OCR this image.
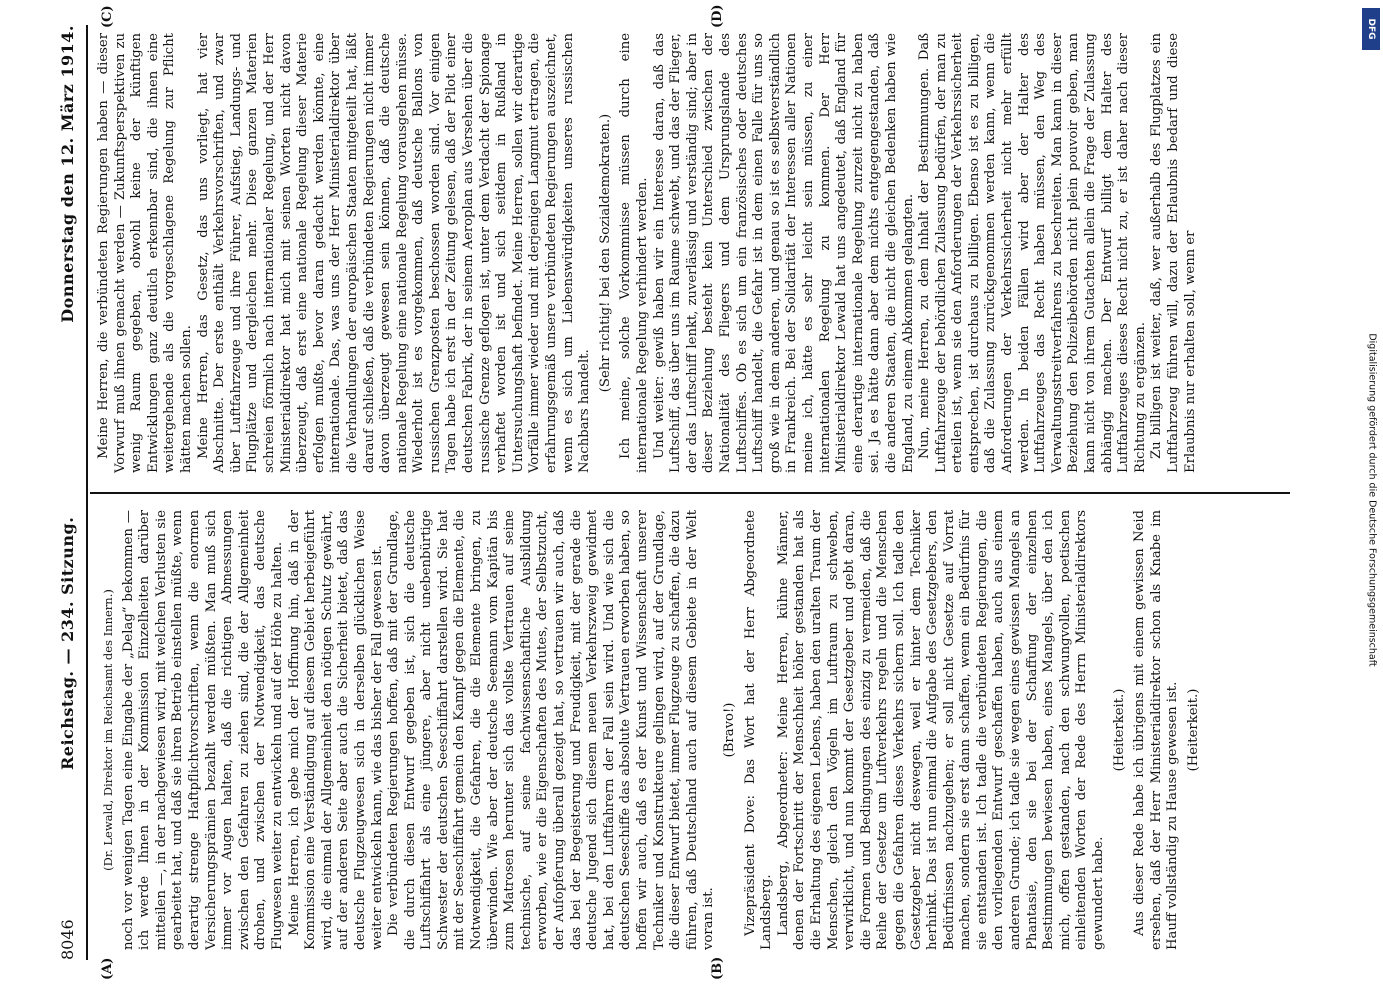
8046
Reichstag. — 234. Sitzung.
Donnerstag den 12. März 1914.
(A)	(B)
(C)	(D)

(Dr. Lewald, Direktor im Reichsamt des Innern.) noch vor wenigen Tagen eine Eingabe der „Delag“ bekommen — ich werde Ihnen in der Kommission Einzelheiten darüber mitteilen —, in der nachgewiesen wird, mit welchen Verlusten sie gearbeitet hat, und daß sie ihren Betrieb einstellen müßte, wenn derartig strenge Haftpflichtvorschriften, wenn die enormen Versicherungsprämien bezahlt werden müßten. Man muß sich immer vor Augen halten, daß die richtigen Abmessungen zwischen den Gefahren zu ziehen sind, die der Allgemeinheit drohen, und zwischen der Notwendigkeit, das deutsche Flugwesen weiter zu entwickeln und auf der Höhe zu halten. Meine Herren, ich gebe mich der Hoffnung hin, daß in der Kommission eine Verständigung auf diesem Gebiet herbeigeführt wird, die einmal der Allgemeinheit den nötigen Schutz gewährt, auf der anderen Seite aber auch die Sicherheit bietet, daß das deutsche Flugzeugwesen sich in derselben glücklichen Weise weiter entwickeln kann, wie das bisher der Fall gewesen ist. Die verbündeten Regierungen hoffen, daß mit der Grundlage, die durch diesen Entwurf gegeben ist, sich die deutsche Luftschiffahrt als eine jüngere, aber nicht unebenbürtige Schwester der deutschen Seeschiffahrt darstellen wird. Sie hat mit der Seeschiffahrt gemein den Kampf gegen die Elemente, die Notwendigkeit, die Gefahren, die die Elemente bringen, zu überwinden. Wie aber der deutsche Seemann vom Kapitän bis zum Matrosen herunter sich das vollste Vertrauen auf seine technische, auf seine fachwissenschaftliche Ausbildung erworben, wie er die Eigenschaften des Mutes, der Selbstzucht, der Aufopferung überall gezeigt hat, so vertrauen wir auch, daß das bei der Begeisterung und Freudigkeit, mit der gerade die deutsche Jugend sich diesem neuen Verkehrszweig gewidmet hat, bei den Luftfahrern der Fall sein wird. Und wie sich die deutschen Seeschiffe das absolute Vertrauen erworben haben, so hoffen wir auch, daß es der Kunst und Wissenschaft unserer Techniker und Konstrukteure gelingen wird, auf der Grundlage, die dieser Entwurf bietet, immer Flugzeuge zu schaffen, die dazu führen, daß Deutschland auch auf diesem Gebiete in der Welt voran ist.

(Bravo!) Vizepräsident Dove: Das Wort hat der Herr Abgeordnete Landsberg. Landsberg, Abgeordneter: Meine Herren, kühne Männer, denen der Fortschritt der Menschheit höher gestanden hat als die Erhaltung des eigenen Lebens, haben den uralten Traum der Menschen, gleich den Vögeln im Luftraum zu schweben, verwirklicht, und nun kommt der Gesetzgeber und gebt daran, die Formen und Bedingungen des einzig zu vermeiden, daß die Reihe der Gesetze um Luftverkehrs regeln und die Menschen gegen die Gefahren dieses Verkehrs sichern soll. Ich tadle den Gesetzgeber nicht deswegen, weil er hinter dem Techniker herhinkt. Das ist nun einmal die Aufgabe des Gesetzgebers, den Bedürfnissen nachzugehen; er soll nicht Gesetze auf Vorrat machen, sondern sie erst dann schaffen, wenn ein Bedürfnis für sie entstanden ist. Ich tadle die verbündeten Regierungen, die den vorliegenden Entwurf geschaffen haben, auch aus einem anderen Grunde; ich tadle sie wegen eines gewissen Mangels an Phantasie, den sie bei der Schaffung der einzelnen Bestimmungen bewiesen haben, eines Mangels, über den ich mich, offen gestanden, nach den schwungvollen, poetischen einleitenden Worten der Rede des Herrn Ministerialdirektors gewundert habe.

(Heiterkeit.) Aus dieser Rede habe ich übrigens mit einem gewissen Neid ersehen, daß der Herr Ministerialdirektor schon als Knabe im Hauff vollständig zu Hause gewesen ist. (Heiterkeit.)

Meine Herren, die verbündeten Regierungen haben — dieser Vorwurf muß ihnen gemacht werden — Zukunftsperspektiven zu wenig Raum gegeben, obwohl keine der künftigen Entwicklungen ganz deutlich erkennbar sind, die ihnen eine weitergehende als die vorgeschlagene Regelung zur Pflicht hätten machen sollen. Meine Herren, das Gesetz, das uns vorliegt, hat vier Abschnitte. Der erste enthält Verkehrsvorschriften, und zwar über Luftfahrzeuge und ihre Führer, Aufstieg, Landungs- und Flugplätze und dergleichen mehr. Diese ganzen Materien schreien förmlich nach internationaler Regelung, und der Herr Ministerialdirektor hat mich mit seinen Worten nicht davon überzeugt, daß erst eine nationale Regelung dieser Materie erfolgen mußte, bevor daran gedacht werden könnte, eine internationale. Das, was uns der Herr Ministerialdirektor über die Verhandlungen der europäischen Staaten mitgeteilt hat, läßt darauf schließen, daß die verbündeten Regierungen nicht immer davon überzeugt gewesen sein können, daß die deutsche nationale Regelung eine nationale Regelung vorausgehen müsse. Wiederholt ist es vorgekommen, daß deutsche Ballons von russischen Grenzposten beschossen worden sind. Vor einigen Tagen habe ich erst in der Zeitung gelesen, daß der Pilot einer deutschen Fabrik, der in seinem Aeroplan aus Versehen über die russische Grenze geflogen ist, unter dem Verdacht der Spionage verhaftet worden ist und sich seitdem in Rußland in Untersuchungshaft befindet. Meine Herren, sollen wir derartige Vorfälle immer wieder und mit derjenigen Langmut ertragen, die erfahrungsgemäß unsere verbündeten Regierungen auszeichnet, wenn es sich um Liebenswürdigkeiten unseres russischen Nachbars handelt.

(Sehr richtig! bei den Sozialdemokraten.) Ich meine, solche Vorkommnisse müssen durch eine internationale Regelung verhindert werden. Und weiter: gewiß haben wir ein Interesse daran, daß das Luftschiff, das über uns im Raume schwebt, und das der Flieger, der das Luftschiff lenkt, zuverlässig und verständig sind; aber in dieser Beziehung besteht kein Unterschied zwischen der Nationalität des Fliegers und dem Ursprungslande des Luftschiffes. Ob es sich um ein französisches oder deutsches Luftschiff handelt, die Gefahr ist in dem einen Falle für uns so groß wie in dem anderen, und genau so ist es selbstverständlich in Frankreich. Bei der Solidarität der Interessen aller Nationen meine ich, hätte es sehr leicht sein müssen, zu einer internationalen Regelung zu kommen. Der Herr Ministerialdirektor Lewald hat uns angedeutet, daß England für eine derartige internationale Regelung zurzeit nicht zu haben sei. Ja es hätte dann aber dem nichts entgegengestanden, daß die anderen Staaten, die nicht die gleichen Bedenken haben wie England, zu einem Abkommen gelangten. Nun, meine Herren, zu dem Inhalt der Bestimmungen. Daß Luftfahrzeuge der behördlichen Zulassung bedürfen, der man zu erteilen ist, wenn sie den Anforderungen der Verkehrssicherheit entsprechen, ist durchaus zu billigen. Ebenso ist es zu billigen, daß die Zulassung zurückgenommen werden kann, wenn die Anforderungen der Verkehrssicherheit nicht mehr erfüllt werden. In beiden Fällen wird aber der Halter des Luftfahrzeuges das Recht haben müssen, den Weg des Verwaltungsstreitverfahrens zu beschreiten. Man kann in dieser Beziehung den Polizeibehörden nicht plein pouvoir geben, man kann nicht von ihrem Gutachten allein die Frage der Zulassung abhängig machen. Der Entwurf billigt dem Halter des Luftfahrzeuges dieses Recht nicht zu, er ist daher nach dieser Richtung zu ergänzen. Zu billigen ist weiter, daß, wer außerhalb des Flugplatzes ein Luftfahrzeug führen will, dazu der Erlaubnis bedarf und diese Erlaubnis nur erhalten soll, wenn er

DFG
Digitalisierung gefördert durch die Deutsche Forschungsgemeinschaft
